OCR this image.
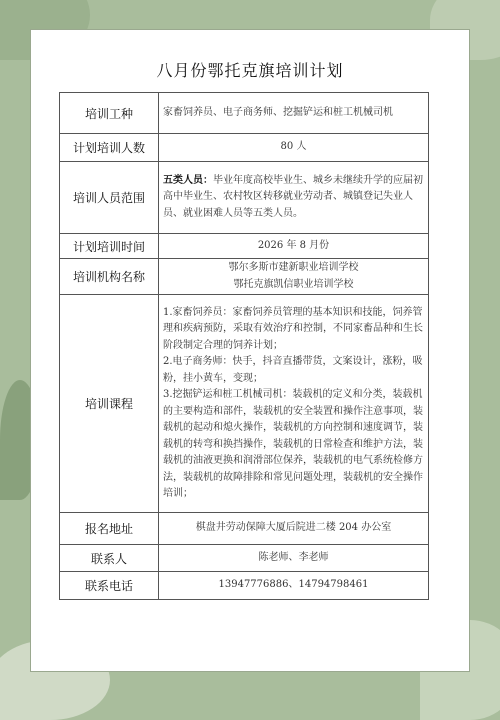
八月份鄂托克旗培训计划
培训工种	家畜饲养员、电子商务师、挖掘铲运和桩工机械司机
计划培训人数	80 人
培训人员范围	五类人员：毕业年度高校毕业生、城乡未继续升学的应届初高中毕业生、农村牧区转移就业劳动者、城镇登记失业人员、就业困难人员等五类人员。
计划培训时间	2026 年 8 月份
培训机构名称	鄂尔多斯市建新职业培训学校
鄂托克旗凯信职业培训学校

培训课程	1.家畜饲养员：家畜饲养员管理的基本知识和技能，饲养管理和疾病预防，采取有效治疗和控制，不同家畜品种和生长阶段制定合理的饲养计划；
2.电子商务师：快手，抖音直播带货，文案设计，涨粉，吸粉，挂小黄车，变现；
3.挖掘铲运和桩工机械司机：装载机的定义和分类，装载机的主要构造和部件，装载机的安全装置和操作注意事项，装载机的起动和熄火操作，装载机的方向控制和速度调节，装载机的转弯和换挡操作，装载机的日常检查和维护方法，装载机的油液更换和润滑部位保养，装载机的电气系统检修方法，装载机的故障排除和常见问题处理，装载机的安全操作培训；

报名地址	棋盘井劳动保障大厦后院进二楼 204 办公室
联系人	陈老师、李老师
联系电话	13947776886、14794798461
